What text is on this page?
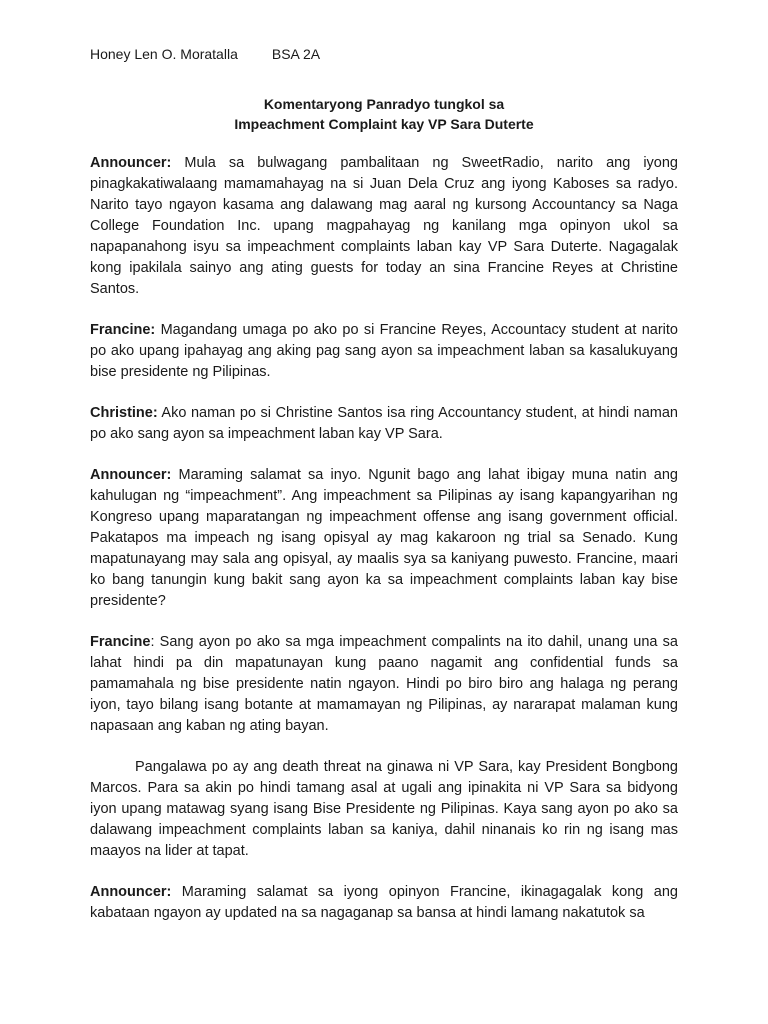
Honey Len O. Moratalla BSA 2A
Komentaryong Panradyo tungkol sa
Impeachment Complaint kay VP Sara Duterte

Announcer: Mula sa bulwagang pambalitaan ng SweetRadio, narito ang iyong pinagkakatiwalaang mamamahayag na si Juan Dela Cruz ang iyong Kaboses sa radyo. Narito tayo ngayon kasama ang dalawang mag aaral ng kursong Accountancy sa Naga College Foundation Inc. upang magpahayag ng kanilang mga opinyon ukol sa napapanahong isyu sa impeachment complaints laban kay VP Sara Duterte. Nagagalak kong ipakilala sainyo ang ating guests for today an sina Francine Reyes at Christine Santos.

Francine: Magandang umaga po ako po si Francine Reyes, Accountacy student at narito po ako upang ipahayag ang aking pag sang ayon sa impeachment laban sa kasalukuyang bise presidente ng Pilipinas.

Christine: Ako naman po si Christine Santos isa ring Accountancy student, at hindi naman po ako sang ayon sa impeachment laban kay VP Sara.

Announcer: Maraming salamat sa inyo. Ngunit bago ang lahat ibigay muna natin ang kahulugan ng “impeachment”. Ang impeachment sa Pilipinas ay isang kapangyarihan ng Kongreso upang maparatangan ng impeachment offense ang isang government official. Pakatapos ma impeach ng isang opisyal ay mag kakaroon ng trial sa Senado. Kung mapatunayang may sala ang opisyal, ay maalis sya sa kaniyang puwesto. Francine, maari ko bang tanungin kung bakit sang ayon ka sa impeachment complaints laban kay bise presidente?

Francine: Sang ayon po ako sa mga impeachment compalints na ito dahil, unang una sa lahat hindi pa din mapatunayan kung paano nagamit ang confidential funds sa pamamahala ng bise presidente natin ngayon. Hindi po biro biro ang halaga ng perang iyon, tayo bilang isang botante at mamamayan ng Pilipinas, ay nararapat malaman kung napasaan ang kaban ng ating bayan.

Pangalawa po ay ang death threat na ginawa ni VP Sara, kay President Bongbong Marcos. Para sa akin po hindi tamang asal at ugali ang ipinakita ni VP Sara sa bidyong iyon upang matawag syang isang Bise Presidente ng Pilipinas. Kaya sang ayon po ako sa dalawang impeachment complaints laban sa kaniya, dahil ninanais ko rin ng isang mas maayos na lider at tapat.

Announcer: Maraming salamat sa iyong opinyon Francine, ikinagagalak kong ang kabataan ngayon ay updated na sa nagaganap sa bansa at hindi lamang nakatutok sa
